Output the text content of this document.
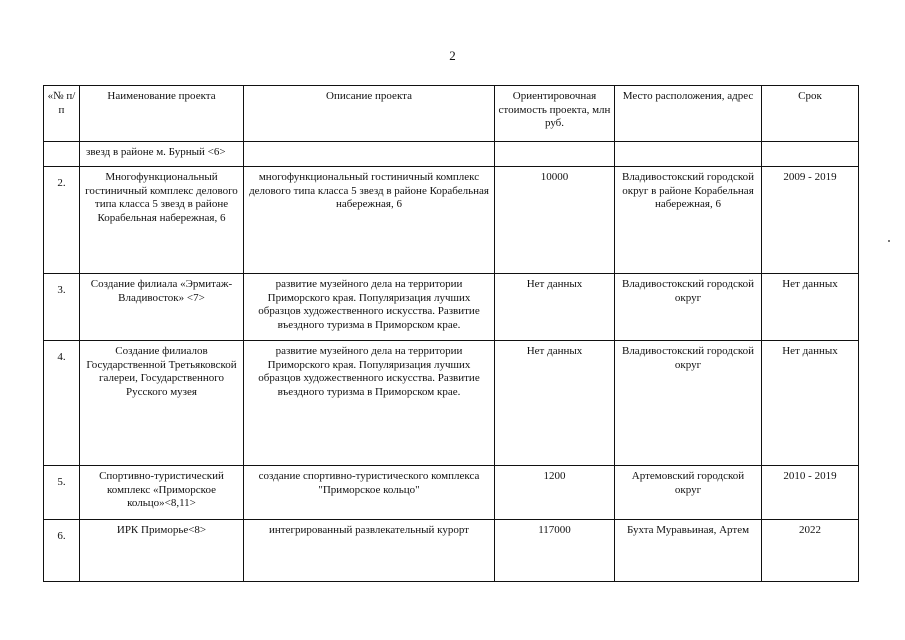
2
«№ п/п	Наименование проекта	Описание проекта	Ориентировочная стоимость проекта, млн руб.	Место расположения, адрес	Срок
	звезд в районе м. Бурный <6>				
2.	Многофункциональный гостиничный комплекс делового типа класса 5 звезд в районе Корабельная набережная, 6	многофункциональный гостиничный комплекс делового типа класса 5 звезд в районе Корабельная набережная, 6	10000	Владивостокский городской округ в районе Корабельная набережная, 6	2009 - 2019
3.	Создание филиала «Эрмитаж-Владивосток» <7>	развитие музейного дела на территории Приморского края. Популяризация лучших образцов художественного искусства. Развитие въездного туризма в Приморском крае.	Нет данных	Владивостокский городской округ	Нет данных
4.	Создание филиалов Государственной Третьяковской галереи, Государственного Русского музея	развитие музейного дела на территории Приморского края. Популяризация лучших образцов художественного искусства. Развитие въездного туризма в Приморском крае.	Нет данных	Владивостокский городской округ	Нет данных
5.	Спортивно-туристический комплекс «Приморское кольцо»<8,11>	создание спортивно-туристического комплекса "Приморское кольцо"	1200	Артемовский городской округ	2010 - 2019
6.	ИРК Приморье<8>	интегрированный развлекательный курорт	117000	Бухта Муравьиная, Артем	2022
